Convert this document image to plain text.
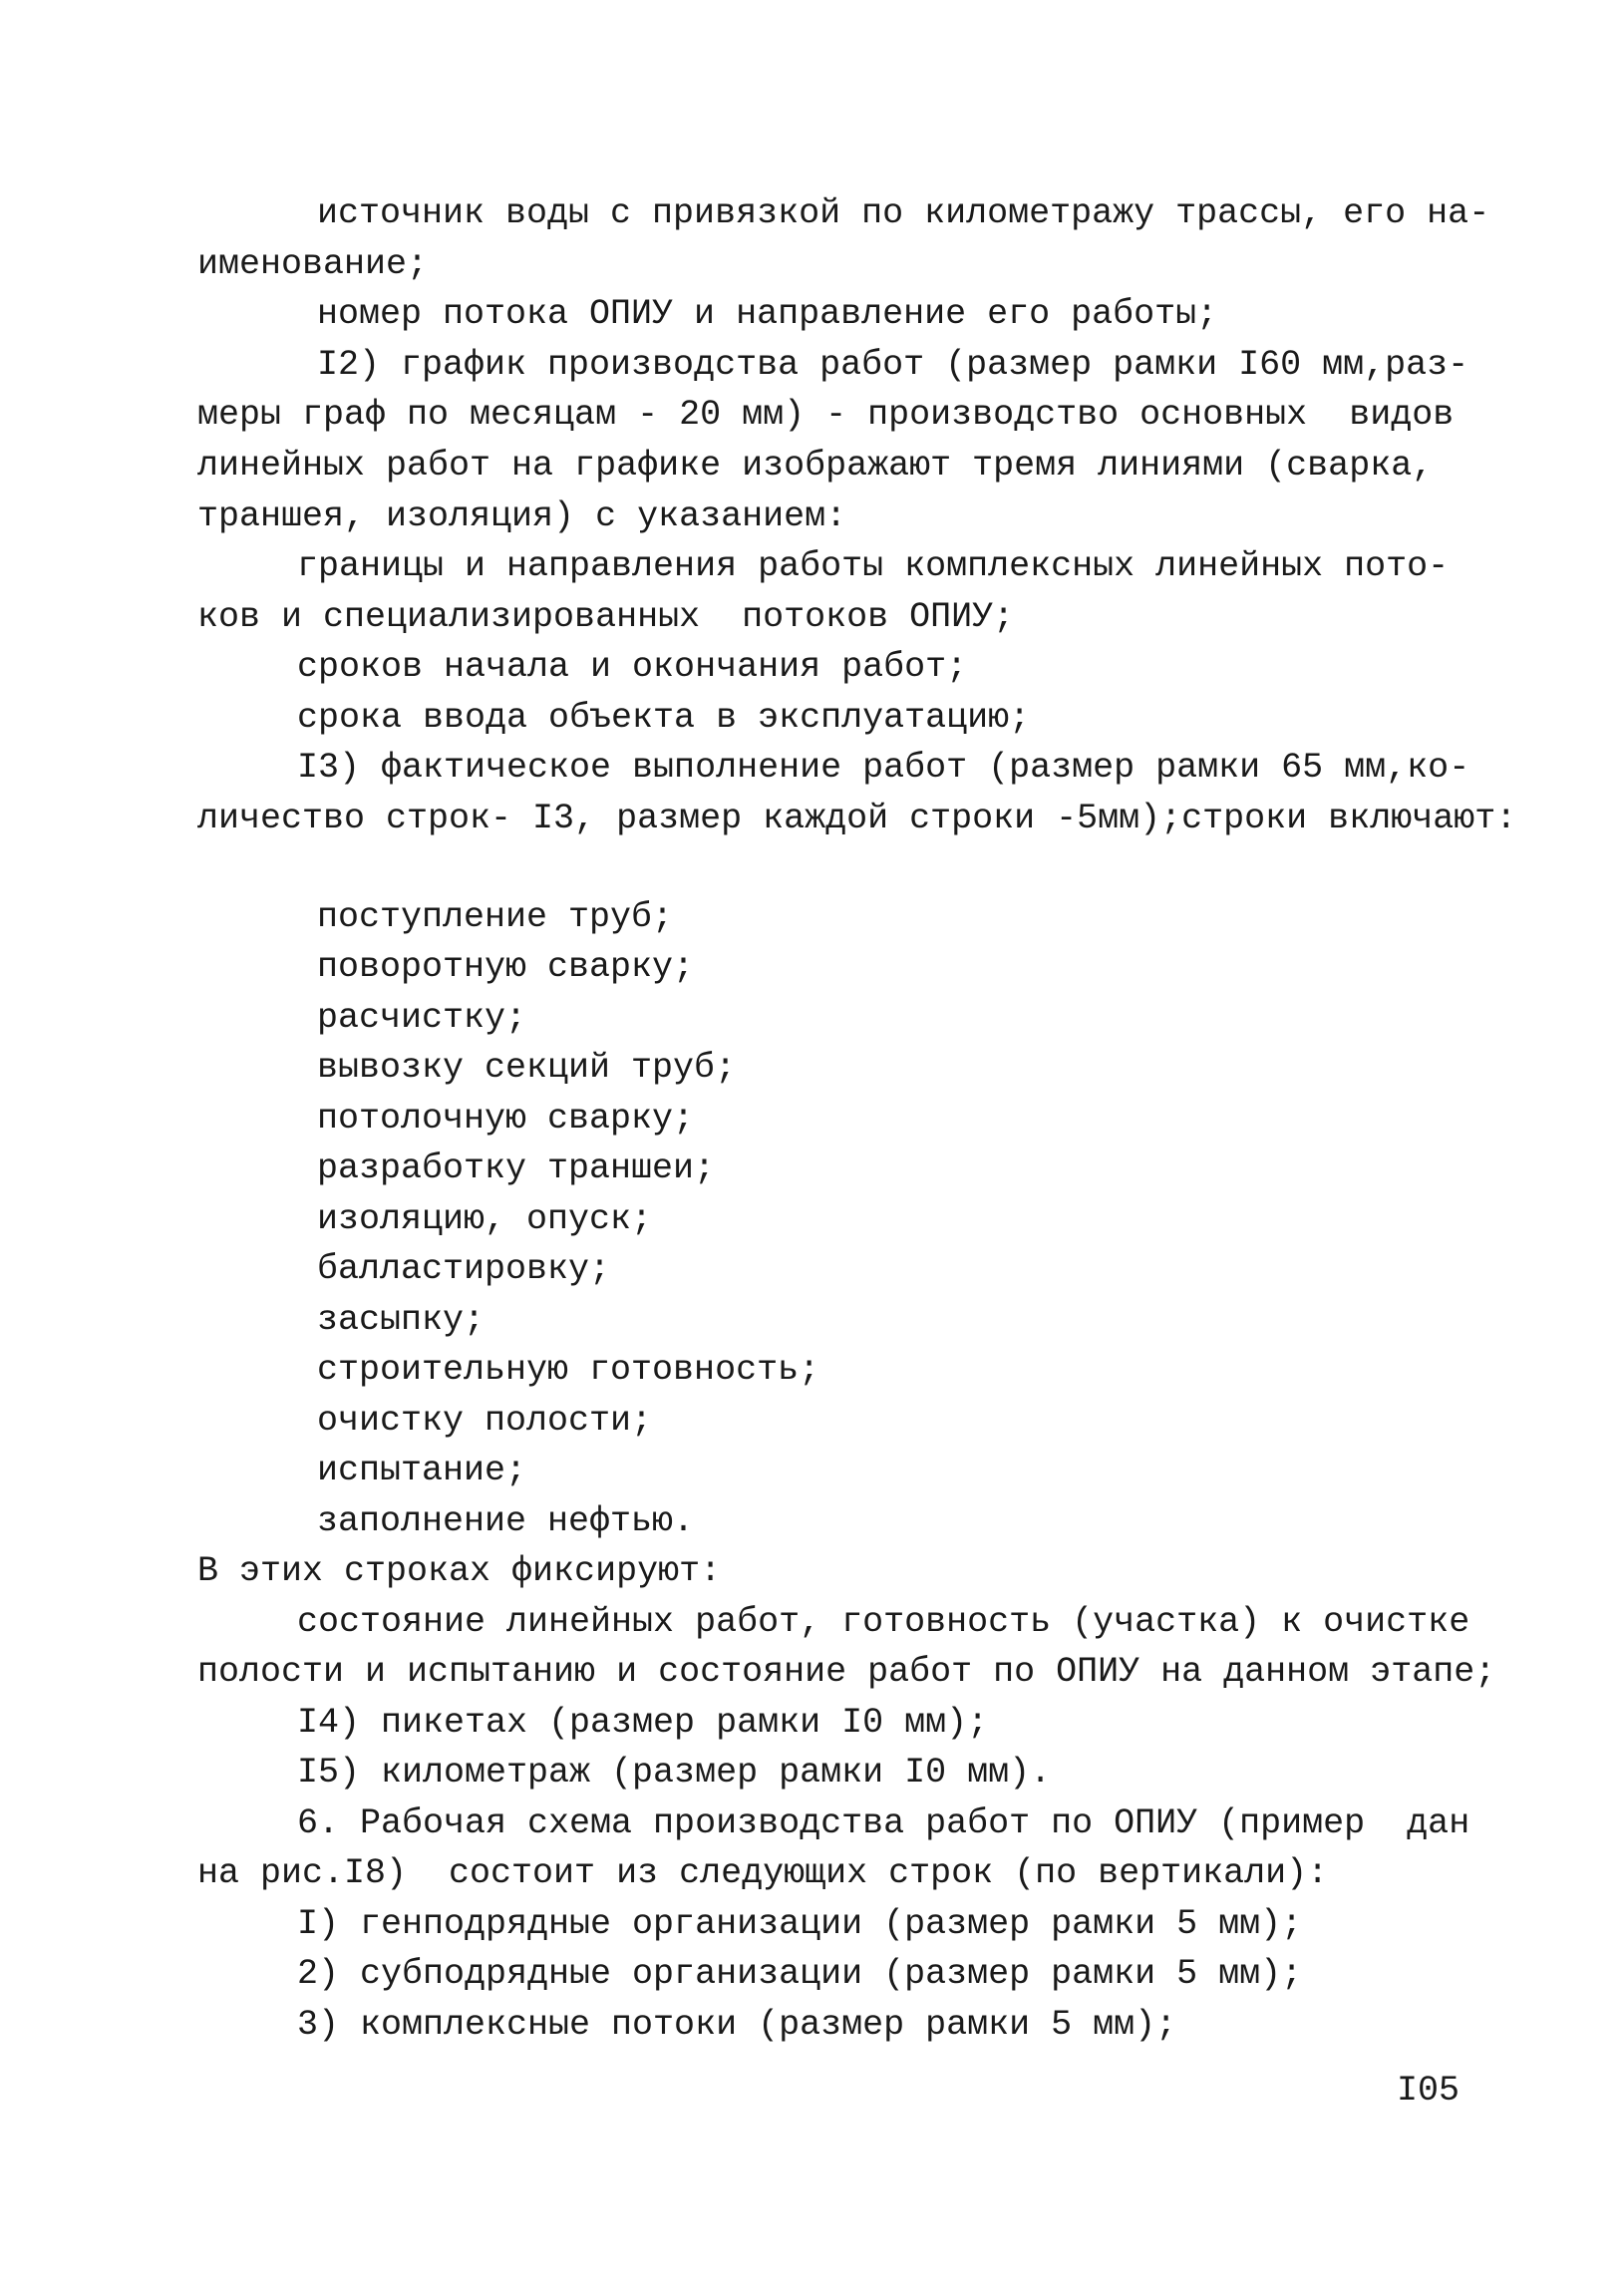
источник воды с привязкой по километражу трассы, его на-
именование;
номер потока ОПИУ и направление его работы;
I2) график производства работ (размер рамки I60 мм,раз-
меры граф по месяцам - 20 мм) - производство основных  видов
линейных работ на графике изображают тремя линиями (сварка,
траншея, изоляция) с указанием:
границы и направления работы комплексных линейных пото-
ков и специализированных  потоков ОПИУ;
сроков начала и окончания работ;
срока ввода объекта в эксплуатацию;
I3) фактическое выполнение работ (размер рамки 65 мм,ко-
личество строк- I3, размер каждой строки -5мм);строки включают:
поступление труб;
поворотную сварку;
расчистку;
вывозку секций труб;
потолочную сварку;
разработку траншеи;
изоляцию, опуск;
балластировку;
засыпку;
строительную готовность;
очистку полости;
испытание;
заполнение нефтью.
В этих строках фиксируют:
состояние линейных работ, готовность (участка) к очистке
полости и испытанию и состояние работ по ОПИУ на данном этапе;
I4) пикетах (размер рамки I0 мм);
I5) километраж (размер рамки I0 мм).
6. Рабочая схема производства работ по ОПИУ (пример  дан
на рис.I8)  состоит из следующих строк (по вертикали):
I) генподрядные организации (размер рамки 5 мм);
2) субподрядные организации (размер рамки 5 мм);
3) комплексные потоки (размер рамки 5 мм);
I05
